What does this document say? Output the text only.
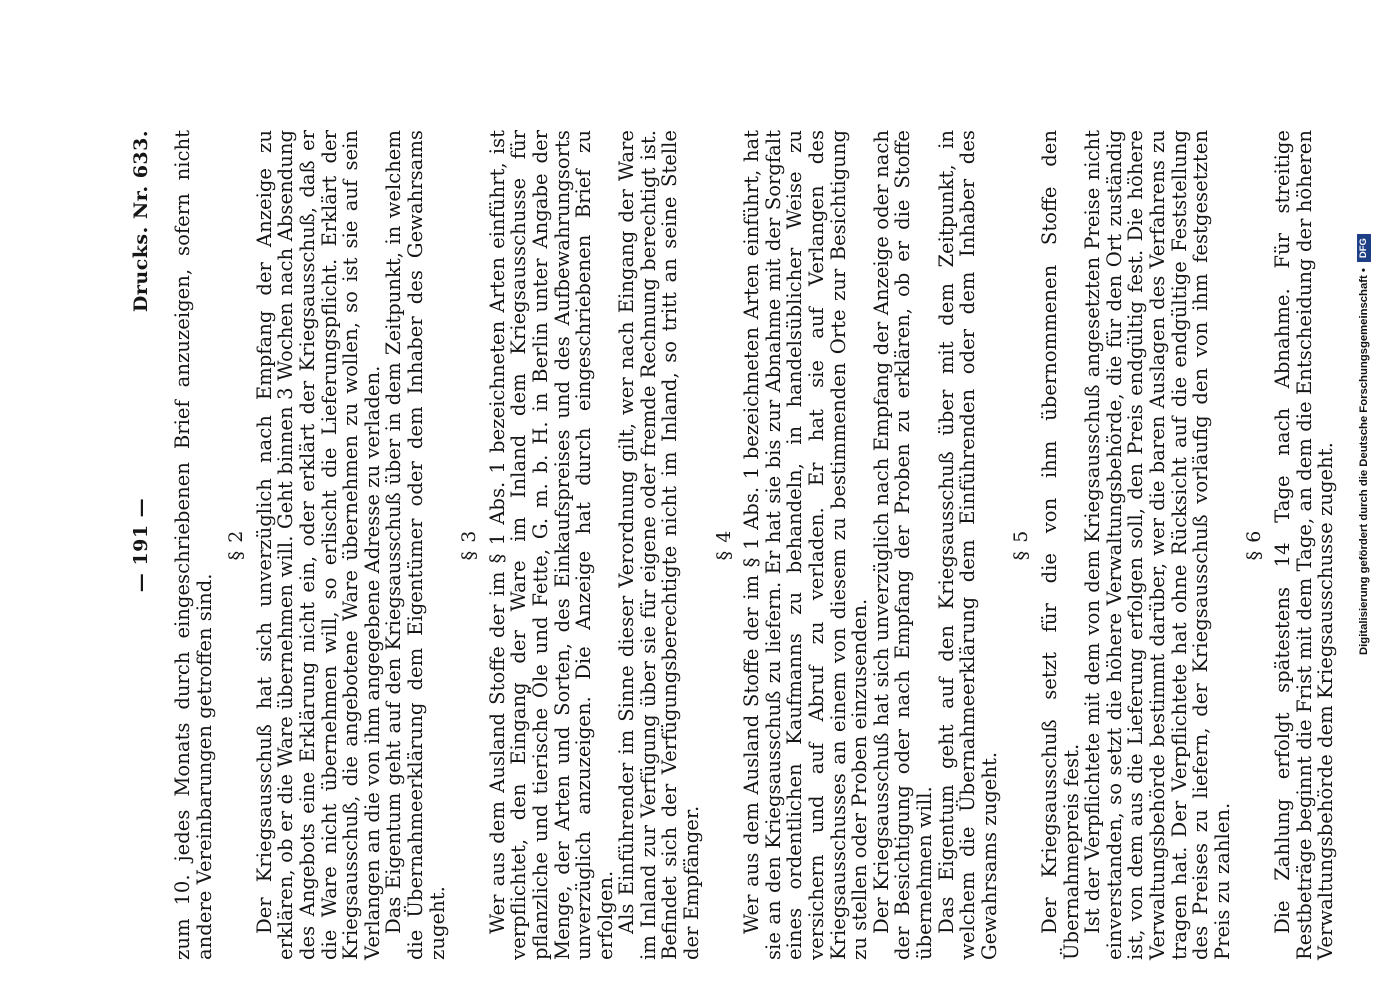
— 191 —
Drucks. Nr. 633. zum 10. jedes Monats durch eingeschriebenen Brief anzuzeigen, sofern nicht andere Vereinbarungen getroffen sind.

§ 2 Der Kriegsausschuß hat sich unverzüglich nach Empfang der Anzeige zu erklären, ob er die Ware übernehmen will. Geht binnen 3 Wochen nach Absendung des Angebots eine Erklärung nicht ein, oder erklärt der Kriegsausschuß, daß er die Ware nicht übernehmen will, so erlischt die Lieferungspflicht. Erklärt der Kriegsausschuß, die angebotene Ware übernehmen zu wollen, so ist sie auf sein Verlangen an die von ihm angegebene Adresse zu verladen.

Das Eigentum geht auf den Kriegsausschuß über in dem Zeitpunkt, in welchem die Übernahmeerklärung dem Eigentümer oder dem Inhaber des Gewahrsams zugeht.

§ 3 Wer aus dem Ausland Stoffe der im § 1 Abs. 1 bezeichneten Arten einführt, ist verpflichtet, den Eingang der Ware im Inland dem Kriegsausschusse für pflanzliche und tierische Öle und Fette, G. m. b. H. in Berlin unter Angabe der Menge, der Arten und Sorten, des Einkaufspreises und des Aufbewahrungsorts unverzüglich anzuzeigen. Die Anzeige hat durch eingeschriebenen Brief zu erfolgen.

Als Einführender im Sinne dieser Verordnung gilt, wer nach Eingang der Ware im Inland zur Verfügung über sie für eigene oder fremde Rechnung berechtigt ist. Befindet sich der Verfügungsberechtigte nicht im Inland, so tritt an seine Stelle der Empfänger.

§ 4 Wer aus dem Ausland Stoffe der im § 1 Abs. 1 bezeichneten Arten einführt, hat sie an den Kriegsausschuß zu liefern. Er hat sie bis zur Abnahme mit der Sorgfalt eines ordentlichen Kaufmanns zu behandeln, in handelsüblicher Weise zu versichern und auf Abruf zu verladen. Er hat sie auf Verlangen des Kriegsausschusses an einem von diesem zu bestimmenden Orte zur Besichtigung zu stellen oder Proben einzusenden.

Der Kriegsausschuß hat sich unverzüglich nach Empfang der Anzeige oder nach der Besichtigung oder nach Empfang der Proben zu erklären, ob er die Stoffe übernehmen will.

Das Eigentum geht auf den Kriegsausschuß über mit dem Zeitpunkt, in welchem die Übernahmeerklärung dem Einführenden oder dem Inhaber des Gewahrsams zugeht.

§ 5 Der Kriegsausschuß setzt für die von ihm übernommenen Stoffe den Übernahmepreis fest.

Ist der Verpflichtete mit dem von dem Kriegsausschuß angesetzten Preise nicht einverstanden, so setzt die höhere Verwaltungsbehörde, die für den Ort zuständig ist, von dem aus die Lieferung erfolgen soll, den Preis endgültig fest. Die höhere Verwaltungsbehörde bestimmt darüber, wer die baren Auslagen des Verfahrens zu tragen hat. Der Verpflichtete hat ohne Rücksicht auf die endgültige Feststellung des Preises zu liefern, der Kriegsausschuß vorläufig den von ihm festgesetzten Preis zu zahlen.

§ 6 Die Zahlung erfolgt spätestens 14 Tage nach Abnahme. Für streitige Restbeträge beginnt die Frist mit dem Tage, an dem die Entscheidung der höheren Verwaltungsbehörde dem Kriegsausschusse zugeht. Digitalisierung gefördert durch die Deutsche Forschungsgemeinschaft •DFG
